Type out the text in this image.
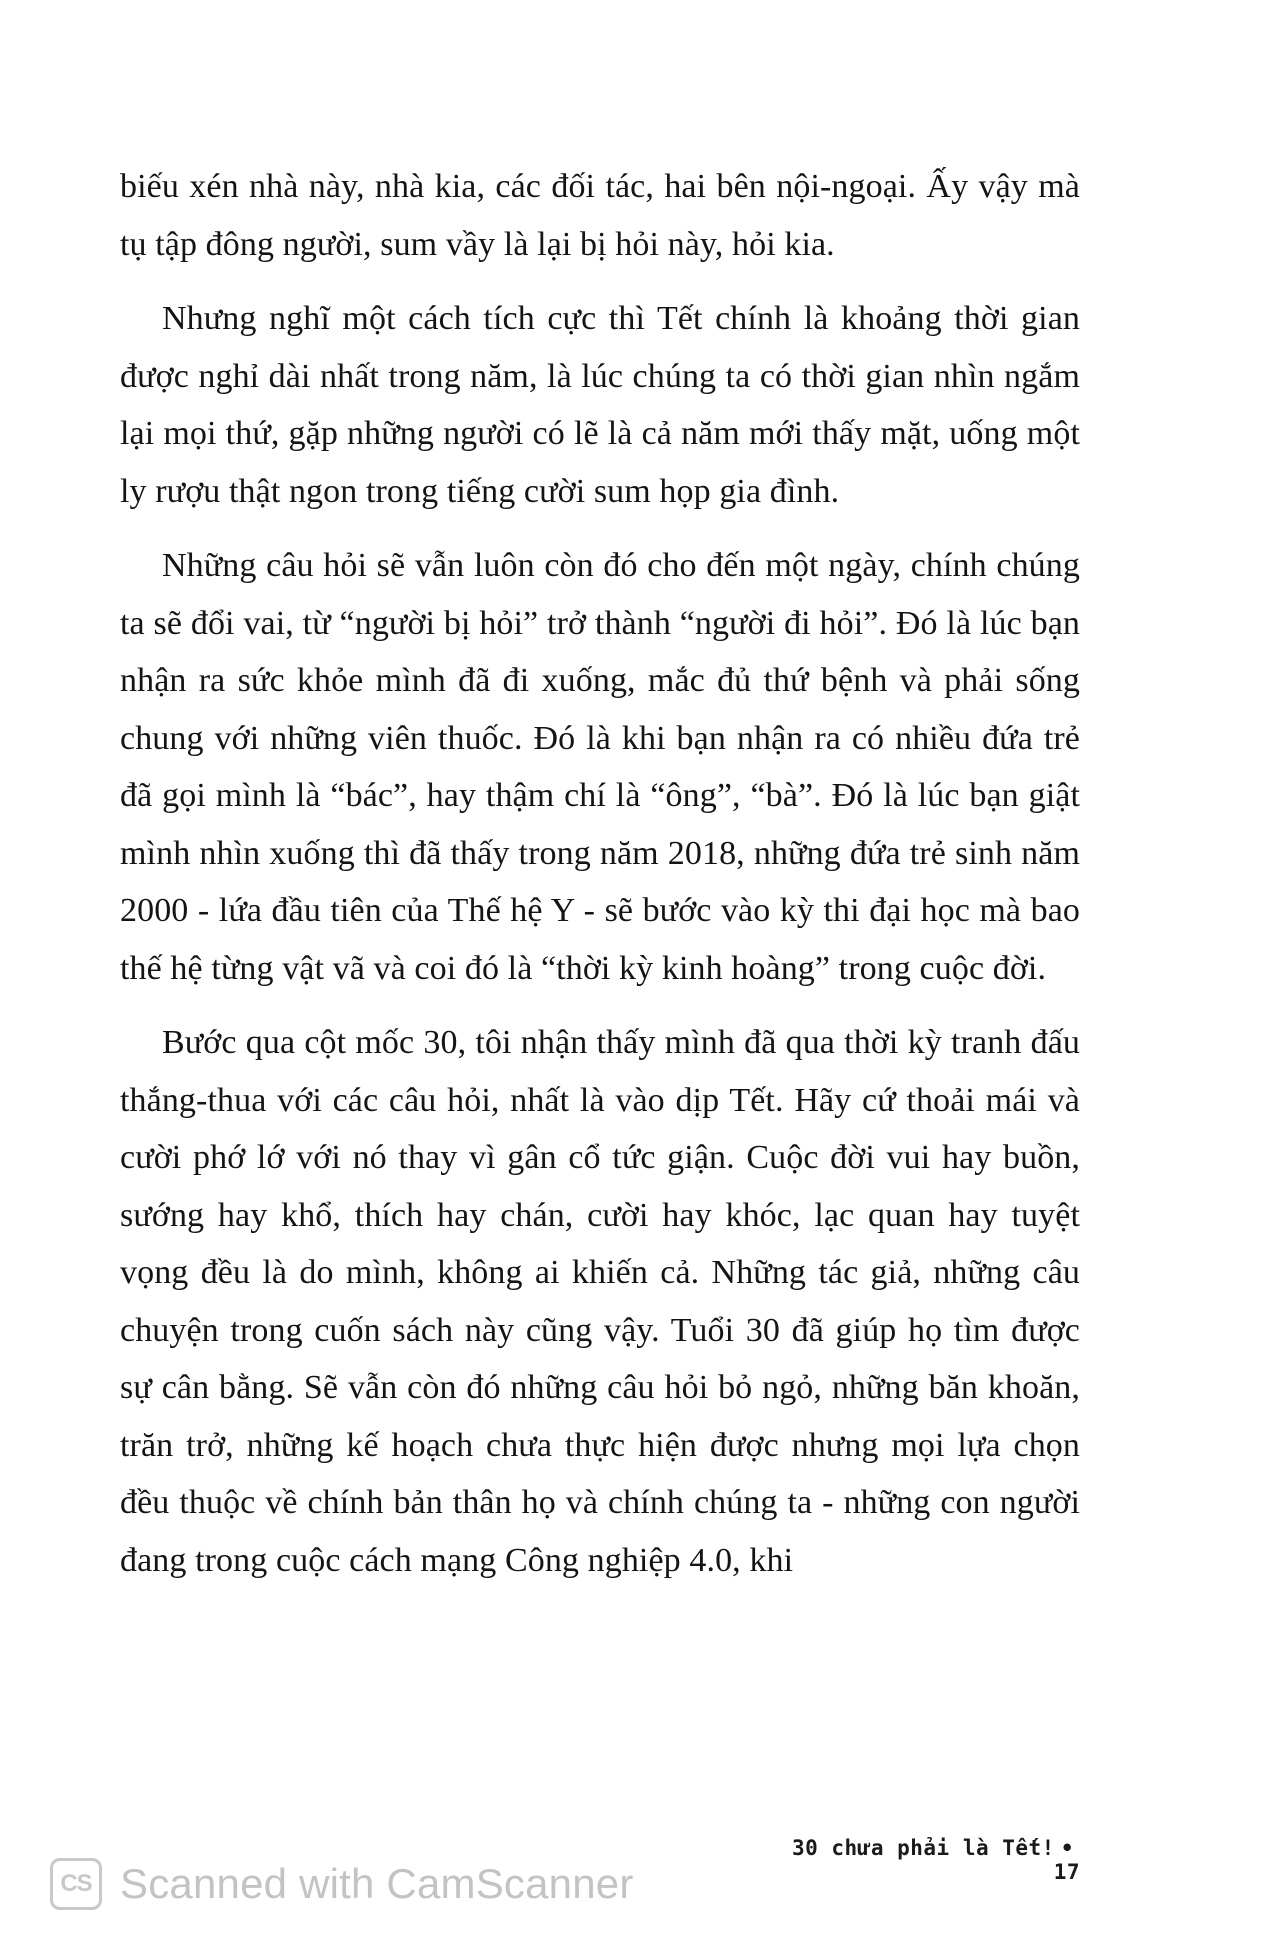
biếu xén nhà này, nhà kia, các đối tác, hai bên nội-ngoại. Ấy vậy mà tụ tập đông người, sum vầy là lại bị hỏi này, hỏi kia.

Nhưng nghĩ một cách tích cực thì Tết chính là khoảng thời gian được nghỉ dài nhất trong năm, là lúc chúng ta có thời gian nhìn ngắm lại mọi thứ, gặp những người có lẽ là cả năm mới thấy mặt, uống một ly rượu thật ngon trong tiếng cười sum họp gia đình.

Những câu hỏi sẽ vẫn luôn còn đó cho đến một ngày, chính chúng ta sẽ đổi vai, từ “người bị hỏi” trở thành “người đi hỏi”. Đó là lúc bạn nhận ra sức khỏe mình đã đi xuống, mắc đủ thứ bệnh và phải sống chung với những viên thuốc. Đó là khi bạn nhận ra có nhiều đứa trẻ đã gọi mình là “bác”, hay thậm chí là “ông”, “bà”. Đó là lúc bạn giật mình nhìn xuống thì đã thấy trong năm 2018, những đứa trẻ sinh năm 2000 - lứa đầu tiên của Thế hệ Y - sẽ bước vào kỳ thi đại học mà bao thế hệ từng vật vã và coi đó là “thời kỳ kinh hoàng” trong cuộc đời.

Bước qua cột mốc 30, tôi nhận thấy mình đã qua thời kỳ tranh đấu thắng-thua với các câu hỏi, nhất là vào dịp Tết. Hãy cứ thoải mái và cười phớ lớ với nó thay vì gân cổ tức giận. Cuộc đời vui hay buồn, sướng hay khổ, thích hay chán, cười hay khóc, lạc quan hay tuyệt vọng đều là do mình, không ai khiến cả. Những tác giả, những câu chuyện trong cuốn sách này cũng vậy. Tuổi 30 đã giúp họ tìm được sự cân bằng. Sẽ vẫn còn đó những câu hỏi bỏ ngỏ, những băn khoăn, trăn trở, những kế hoạch chưa thực hiện được nhưng mọi lựa chọn đều thuộc về chính bản thân họ và chính chúng ta - những con người đang trong cuộc cách mạng Công nghiệp 4.0, khi

30 chưa phải là Tết! •17
CS Scanned with CamScanner
